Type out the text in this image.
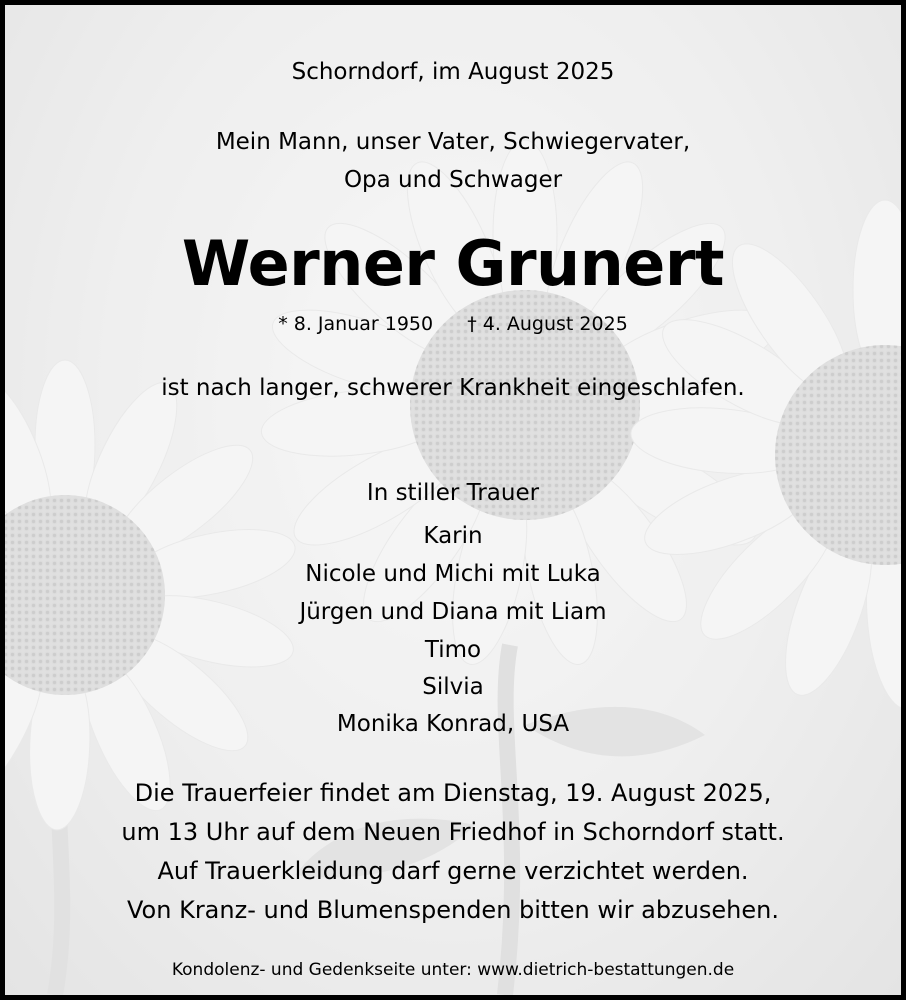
Schorndorf, im August 2025
Mein Mann, unser Vater, Schwiegervater,
Opa und Schwager
Werner Grunert
* 8. Januar 1950 † 4. August 2025
ist nach langer, schwerer Krankheit eingeschlafen.
In stiller Trauer
Karin
Nicole und Michi mit Luka
Jürgen und Diana mit Liam
Timo
Silvia
Monika Konrad, USA
Die Trauerfeier findet am Dienstag, 19. August 2025,
um 13 Uhr auf dem Neuen Friedhof in Schorndorf statt.
Auf Trauerkleidung darf gerne verzichtet werden.
Von Kranz- und Blumenspenden bitten wir abzusehen.
Kondolenz- und Gedenkseite unter: www.dietrich-bestattungen.de
